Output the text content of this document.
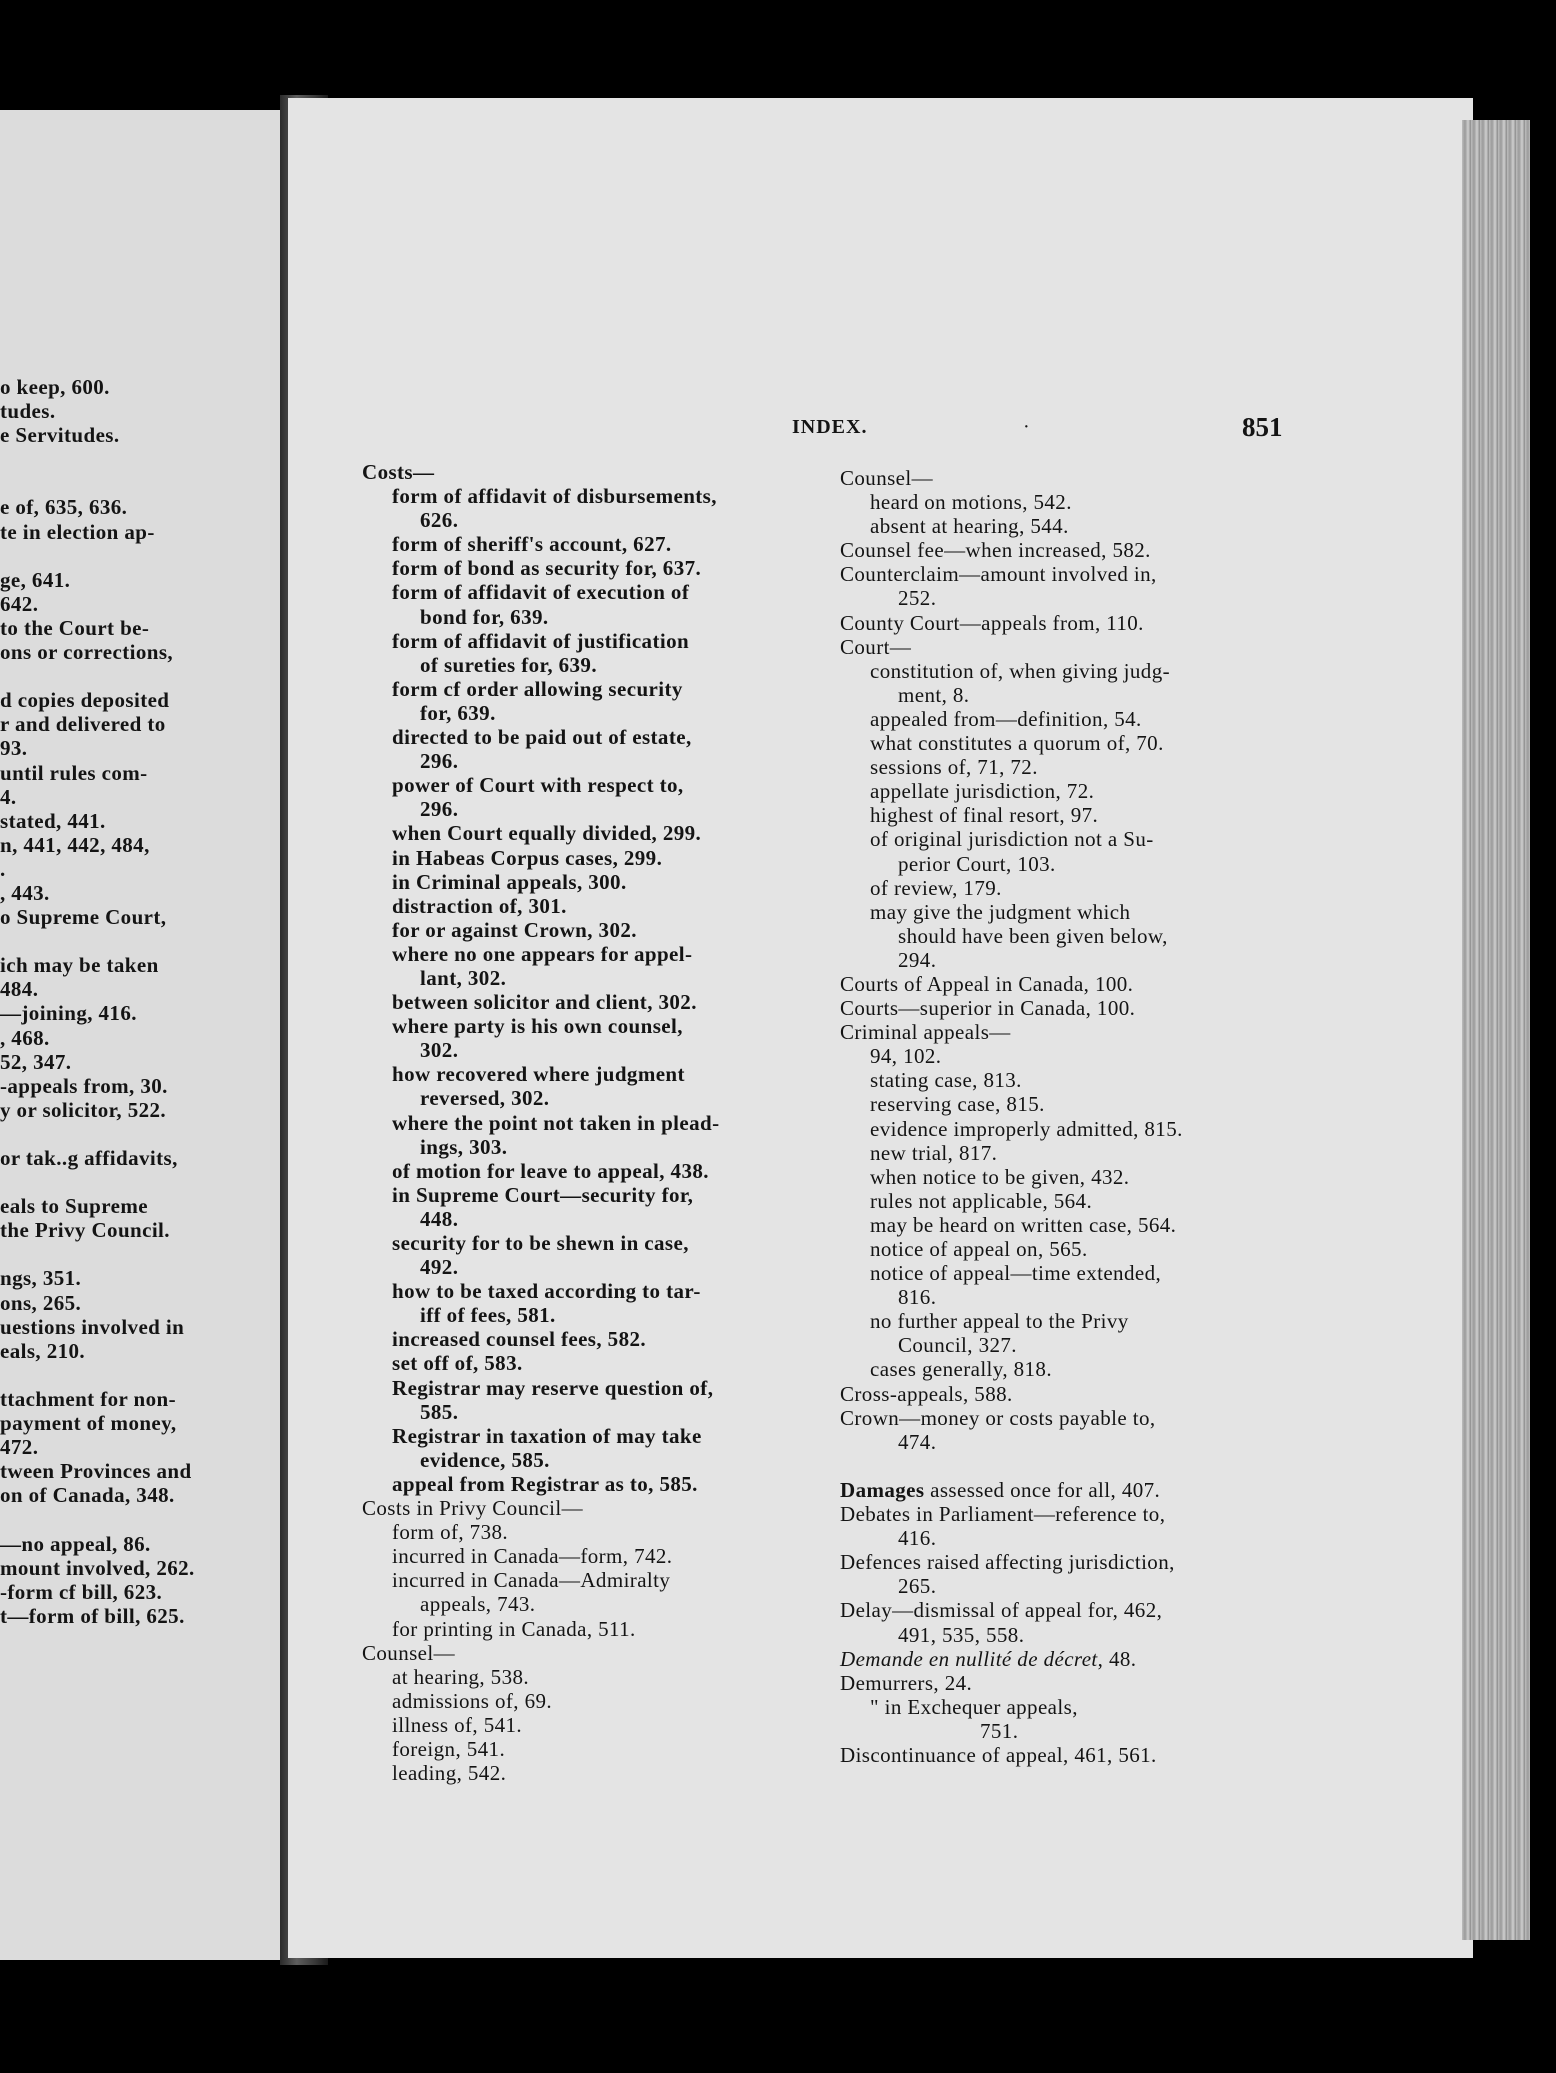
o keep, 600.
tudes.
e Servitudes.
e of, 635, 636.
te in election ap-
ge, 641.
642.
to the Court be-
ons or corrections,
d copies deposited
r and delivered to
93.
until rules com-
4.
stated, 441.
n, 441, 442, 484,
.
, 443.
o Supreme Court,
ich may be taken
484.
—joining, 416.
, 468.
52, 347.
-appeals from, 30.
y or solicitor, 522.
or tak..g affidavits,
eals to Supreme
the Privy Council.
ngs, 351.
ons, 265.
uestions involved in
eals, 210.
ttachment for non-
payment of money,
472.
tween Provinces and
on of Canada, 348.
—no appeal, 86.
mount involved, 262.
-form cf bill, 623.
t—form of bill, 625.
INDEX.	·	851
Costs—
form of affidavit of disbursements,
626.
form of sheriff's account, 627.
form of bond as security for, 637.
form of affidavit of execution of
bond for, 639.
form of affidavit of justification
of sureties for, 639.
form cf order allowing security
for, 639.
directed to be paid out of estate,
296.
power of Court with respect to,
296.
when Court equally divided, 299.
in Habeas Corpus cases, 299.
in Criminal appeals, 300.
distraction of, 301.
for or against Crown, 302.
where no one appears for appel-
lant, 302.
between solicitor and client, 302.
where party is his own counsel,
302.
how recovered where judgment
reversed, 302.
where the point not taken in plead-
ings, 303.
of motion for leave to appeal, 438.
in Supreme Court—security for,
448.
security for to be shewn in case,
492.
how to be taxed according to tar-
iff of fees, 581.
increased counsel fees, 582.
set off of, 583.
Registrar may reserve question of,
585.
Registrar in taxation of may take
evidence, 585.
appeal from Registrar as to, 585.
Costs in Privy Council—
form of, 738.
incurred in Canada—form, 742.
incurred in Canada—Admiralty
appeals, 743.
for printing in Canada, 511.
Counsel—
at hearing, 538.
admissions of, 69.
illness of, 541.
foreign, 541.
leading, 542.
Counsel—
heard on motions, 542.
absent at hearing, 544.
Counsel fee—when increased, 582.
Counterclaim—amount involved in,
252.
County Court—appeals from, 110.
Court—
constitution of, when giving judg-
ment, 8.
appealed from—definition, 54.
what constitutes a quorum of, 70.
sessions of, 71, 72.
appellate jurisdiction, 72.
highest of final resort, 97.
of original jurisdiction not a Su-
perior Court, 103.
of review, 179.
may give the judgment which
should have been given below,
294.
Courts of Appeal in Canada, 100.
Courts—superior in Canada, 100.
Criminal appeals—
94, 102.
stating case, 813.
reserving case, 815.
evidence improperly admitted, 815.
new trial, 817.
when notice to be given, 432.
rules not applicable, 564.
may be heard on written case, 564.
notice of appeal on, 565.
notice of appeal—time extended,
816.
no further appeal to the Privy
Council, 327.
cases generally, 818.
Cross-appeals, 588.
Crown—money or costs payable to,
474.
Damages assessed once for all, 407.
Debates in Parliament—reference to,
416.
Defences raised affecting jurisdiction,
265.
Delay—dismissal of appeal for, 462,
491, 535, 558.
Demande en nullité de décret, 48.
Demurrers, 24.
" in Exchequer appeals,
751.
Discontinuance of appeal, 461, 561.
